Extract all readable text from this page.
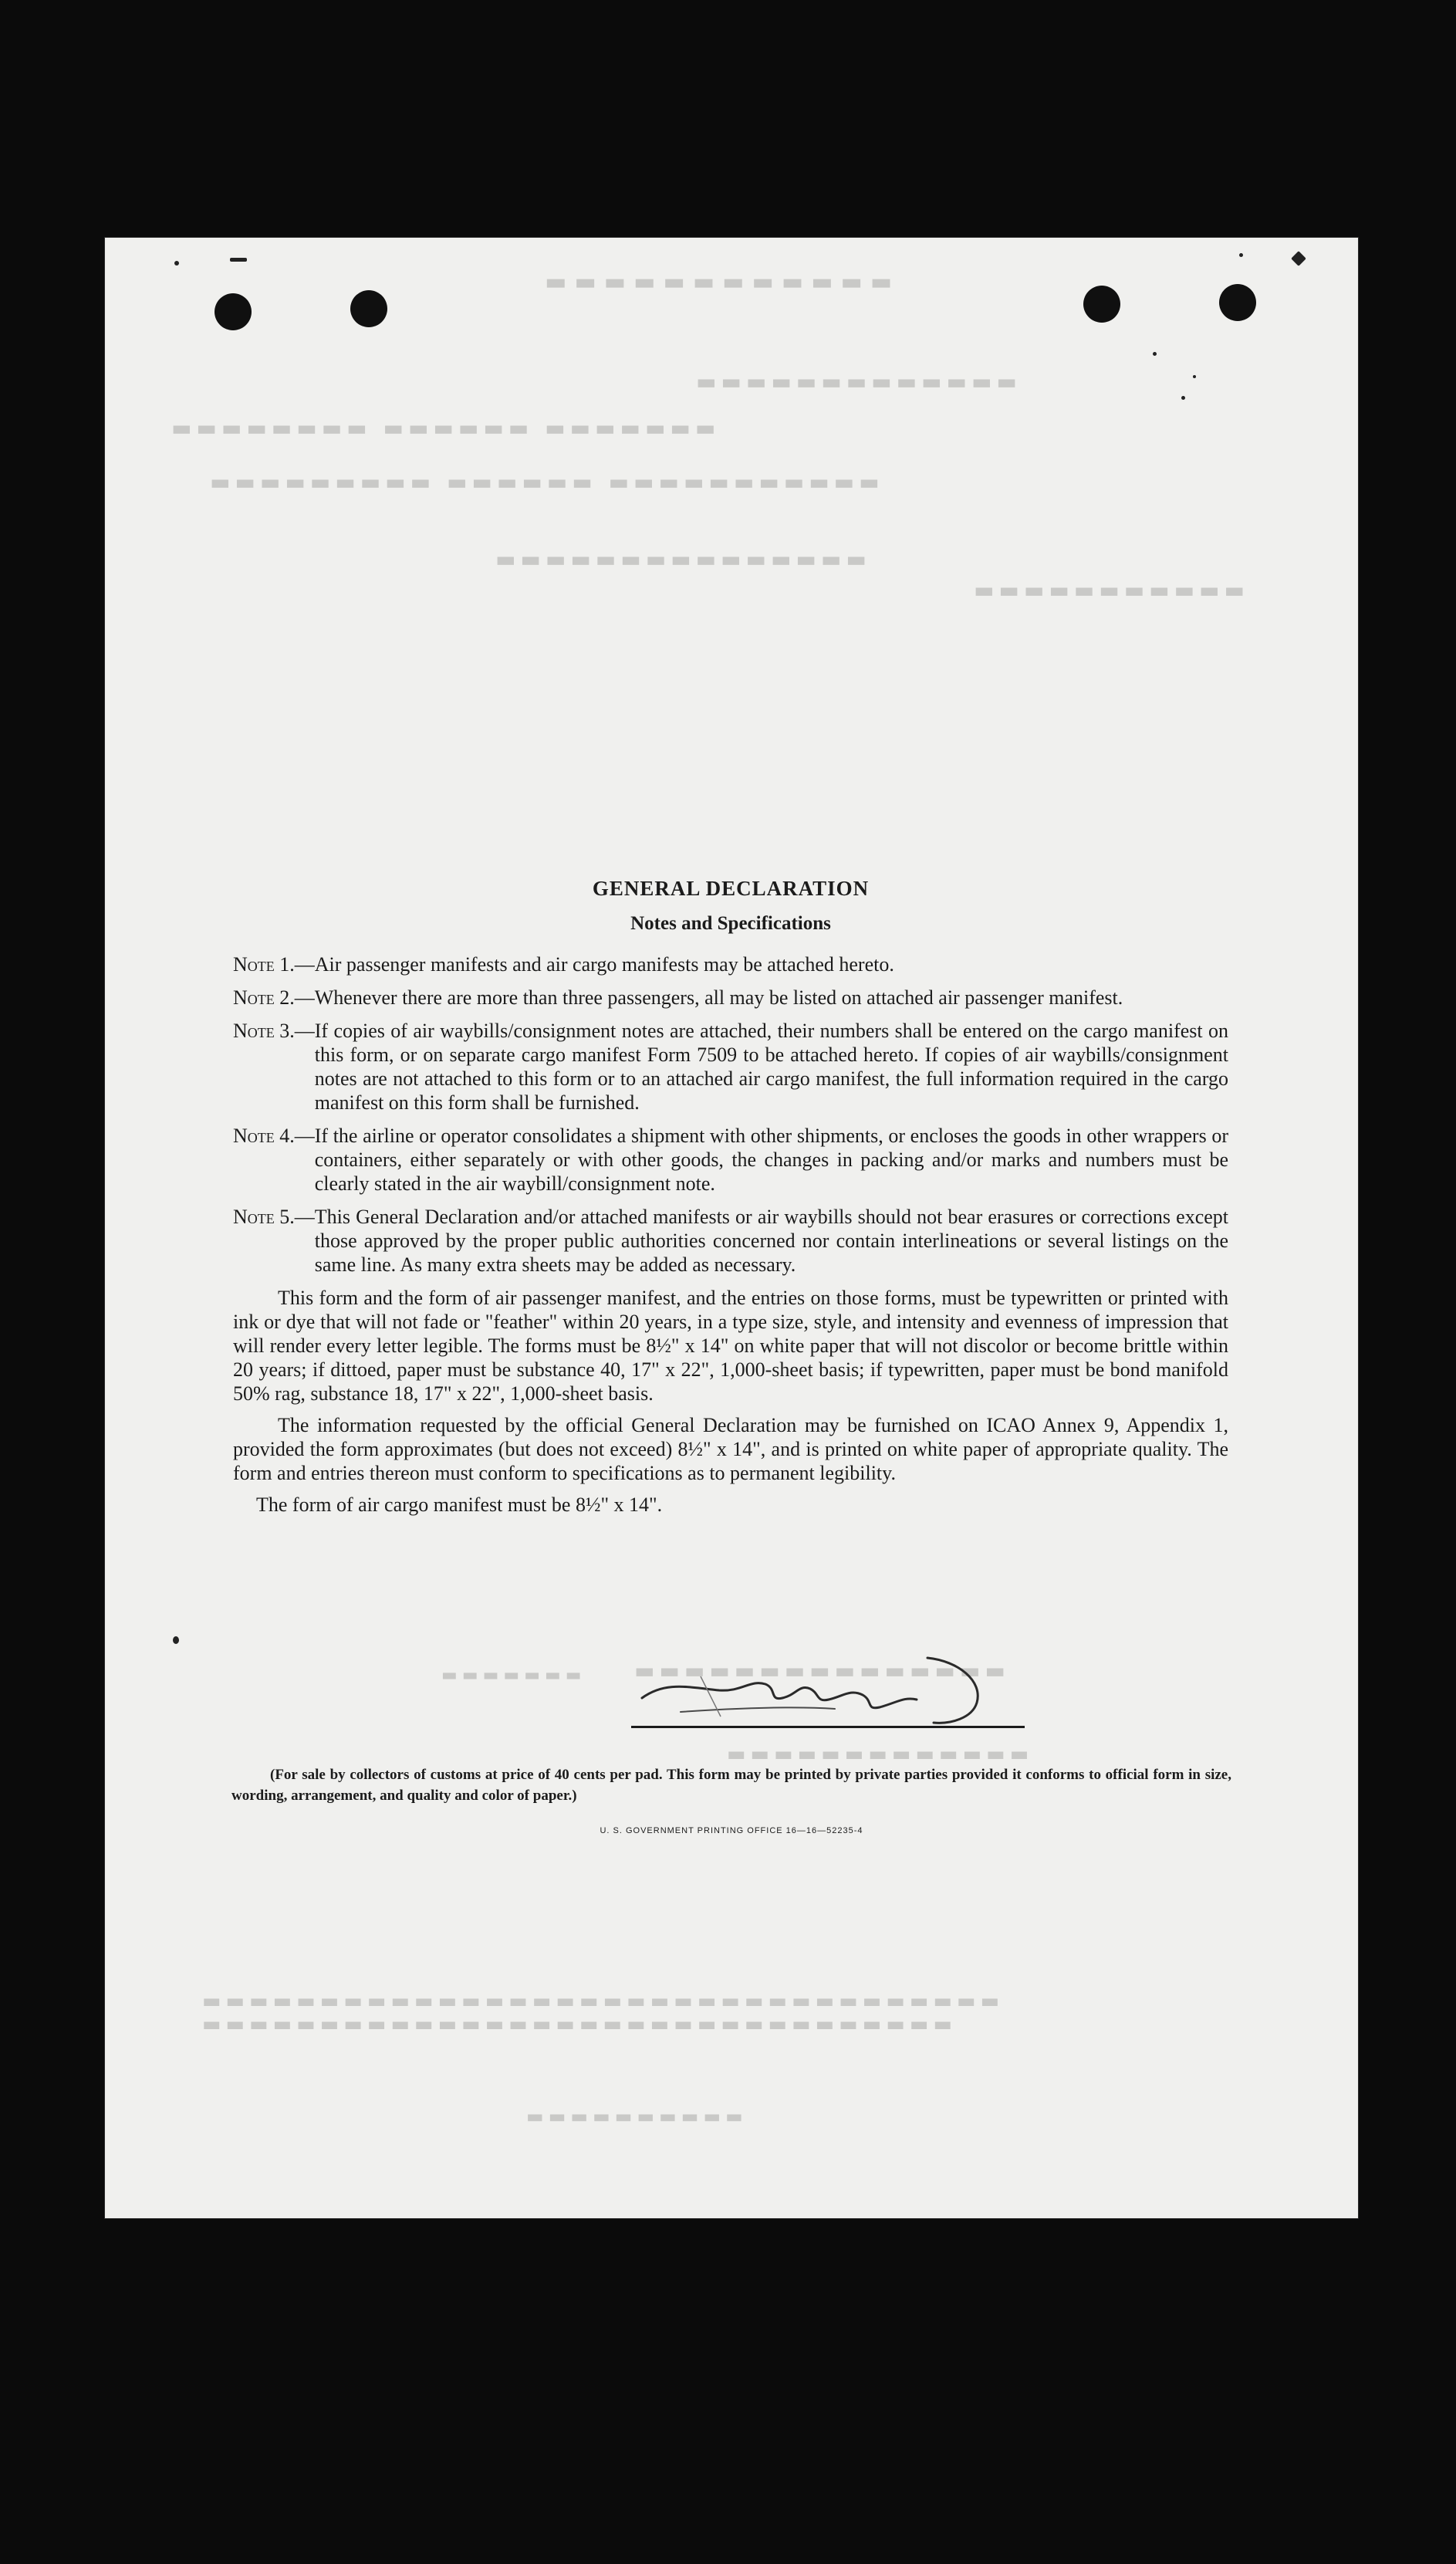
▬▬▬▬▬▬▬▬▬▬▬▬
▬▬▬▬▬▬▬▬▬▬▬▬▬
▬▬▬▬▬▬▬ ▬▬▬▬▬▬ ▬▬▬▬▬▬▬▬
▬▬▬▬▬▬▬▬▬▬▬ ▬▬▬▬▬▬ ▬▬▬▬▬▬▬▬▬
▬▬▬▬▬▬▬▬▬▬▬▬▬▬▬
▬▬▬▬▬▬▬▬▬▬▬
▬▬▬▬▬▬▬ ▬▬▬▬▬▬▬▬▬▬▬▬▬▬▬
▬▬▬▬▬▬▬▬▬▬▬▬▬
▬▬▬▬▬▬▬▬▬▬▬▬▬▬▬▬▬▬▬▬▬▬▬▬▬▬▬▬▬▬▬▬▬▬
▬▬▬▬▬▬▬▬▬▬▬▬▬▬▬▬▬▬▬▬▬▬▬▬▬▬▬▬▬▬▬▬
▬▬▬▬▬▬▬▬▬▬
GENERAL DECLARATION
Notes and Specifications
Note 1.— Air passenger manifests and air cargo manifests may be attached hereto.
Note 2.— Whenever there are more than three passengers, all may be listed on attached air passenger manifest.
Note 3.— If copies of air waybills/consignment notes are attached, their numbers shall be entered on the cargo manifest on this form, or on separate cargo manifest Form 7509 to be attached hereto. If copies of air waybills/consignment notes are not attached to this form or to an attached air cargo manifest, the full information required in the cargo manifest on this form shall be furnished.
Note 4.— If the airline or operator consolidates a shipment with other shipments, or encloses the goods in other wrappers or containers, either separately or with other goods, the changes in packing and/or marks and numbers must be clearly stated in the air waybill/consignment note.
Note 5.— This General Declaration and/or attached manifests or air waybills should not bear erasures or corrections except those approved by the proper public authorities concerned nor contain interlineations or several listings on the same line. As many extra sheets may be added as necessary.
This form and the form of air passenger manifest, and the entries on those forms, must be typewritten or printed with ink or dye that will not fade or "feather" within 20 years, in a type size, style, and intensity and evenness of impression that will render every letter legible. The forms must be 8½" x 14" on white paper that will not discolor or become brittle within 20 years; if dittoed, paper must be substance 40, 17" x 22", 1,000-sheet basis; if typewritten, paper must be bond manifold 50% rag, substance 18, 17" x 22", 1,000-sheet basis.
The information requested by the official General Declaration may be furnished on ICAO Annex 9, Appendix 1, provided the form approximates (but does not exceed) 8½" x 14", and is printed on white paper of appropriate quality. The form and entries thereon must conform to specifications as to permanent legibility.
The form of air cargo manifest must be 8½" x 14".
(For sale by collectors of customs at price of 40 cents per pad. This form may be printed by private parties provided it conforms to official form in size, wording, arrangement, and quality and color of paper.)
U. S. GOVERNMENT PRINTING OFFICE 16—16—52235-4
